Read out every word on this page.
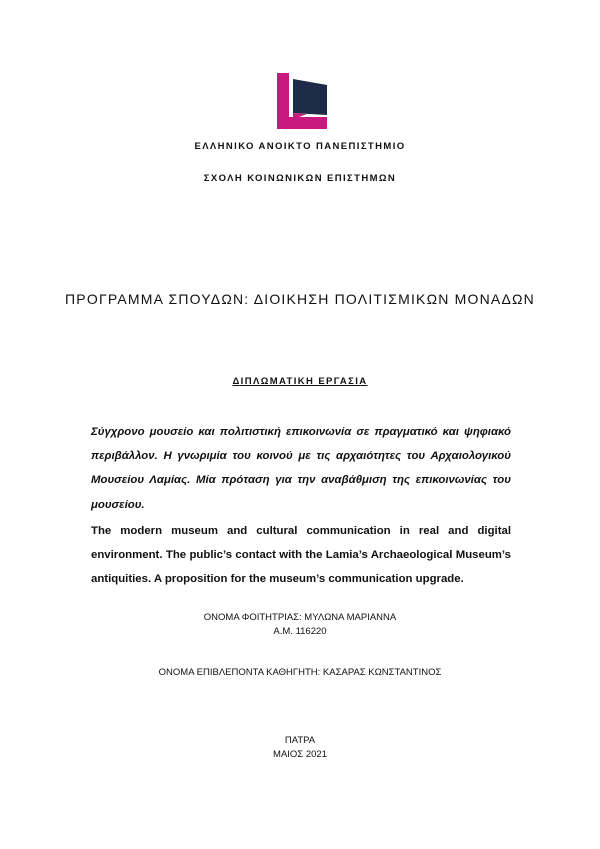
ΕΛΛΗΝΙΚΟ ΑΝΟΙΚΤΟ ΠΑΝΕΠΙΣΤΗΜΙΟ
ΣΧΟΛΗ ΚΟΙΝΩΝΙΚΩΝ ΕΠΙΣΤΗΜΩΝ
ΠΡΟΓΡΑΜΜΑ ΣΠΟΥΔΩΝ: ΔΙΟΙΚΗΣΗ ΠΟΛΙΤΙΣΜΙΚΩΝ ΜΟΝΑΔΩΝ
ΔΙΠΛΩΜΑΤΙΚΗ ΕΡΓΑΣΙΑ
Σύγχρονο μουσείο και πολιτιστική επικοινωνία σε πραγματικό και ψηφιακό περιβάλλον. Η γνωριμία του κοινού με τις αρχαιότητες του Αρχαιολογικού Μουσείου Λαμίας. Μία πρόταση για την αναβάθμιση της επικοινωνίας του μουσείου.
The modern museum and cultural communication in real and digital environment. The public’s contact with the Lamia’s Archaeological Museum’s antiquities. A proposition for the museum’s communication upgrade.
ΟΝΟΜΑ ΦΟΙΤΗΤΡΙΑΣ: ΜΥΛΩΝΑ ΜΑΡΙΑΝΝΑ
Α.Μ. 116220
ΟΝΟΜΑ ΕΠΙΒΛΕΠΟΝΤΑ ΚΑΘΗΓΗΤΗ: ΚΑΣΑΡΑΣ ΚΩΝΣΤΑΝΤΙΝΟΣ
ΠΑΤΡΑ
ΜΑΙΟΣ 2021
